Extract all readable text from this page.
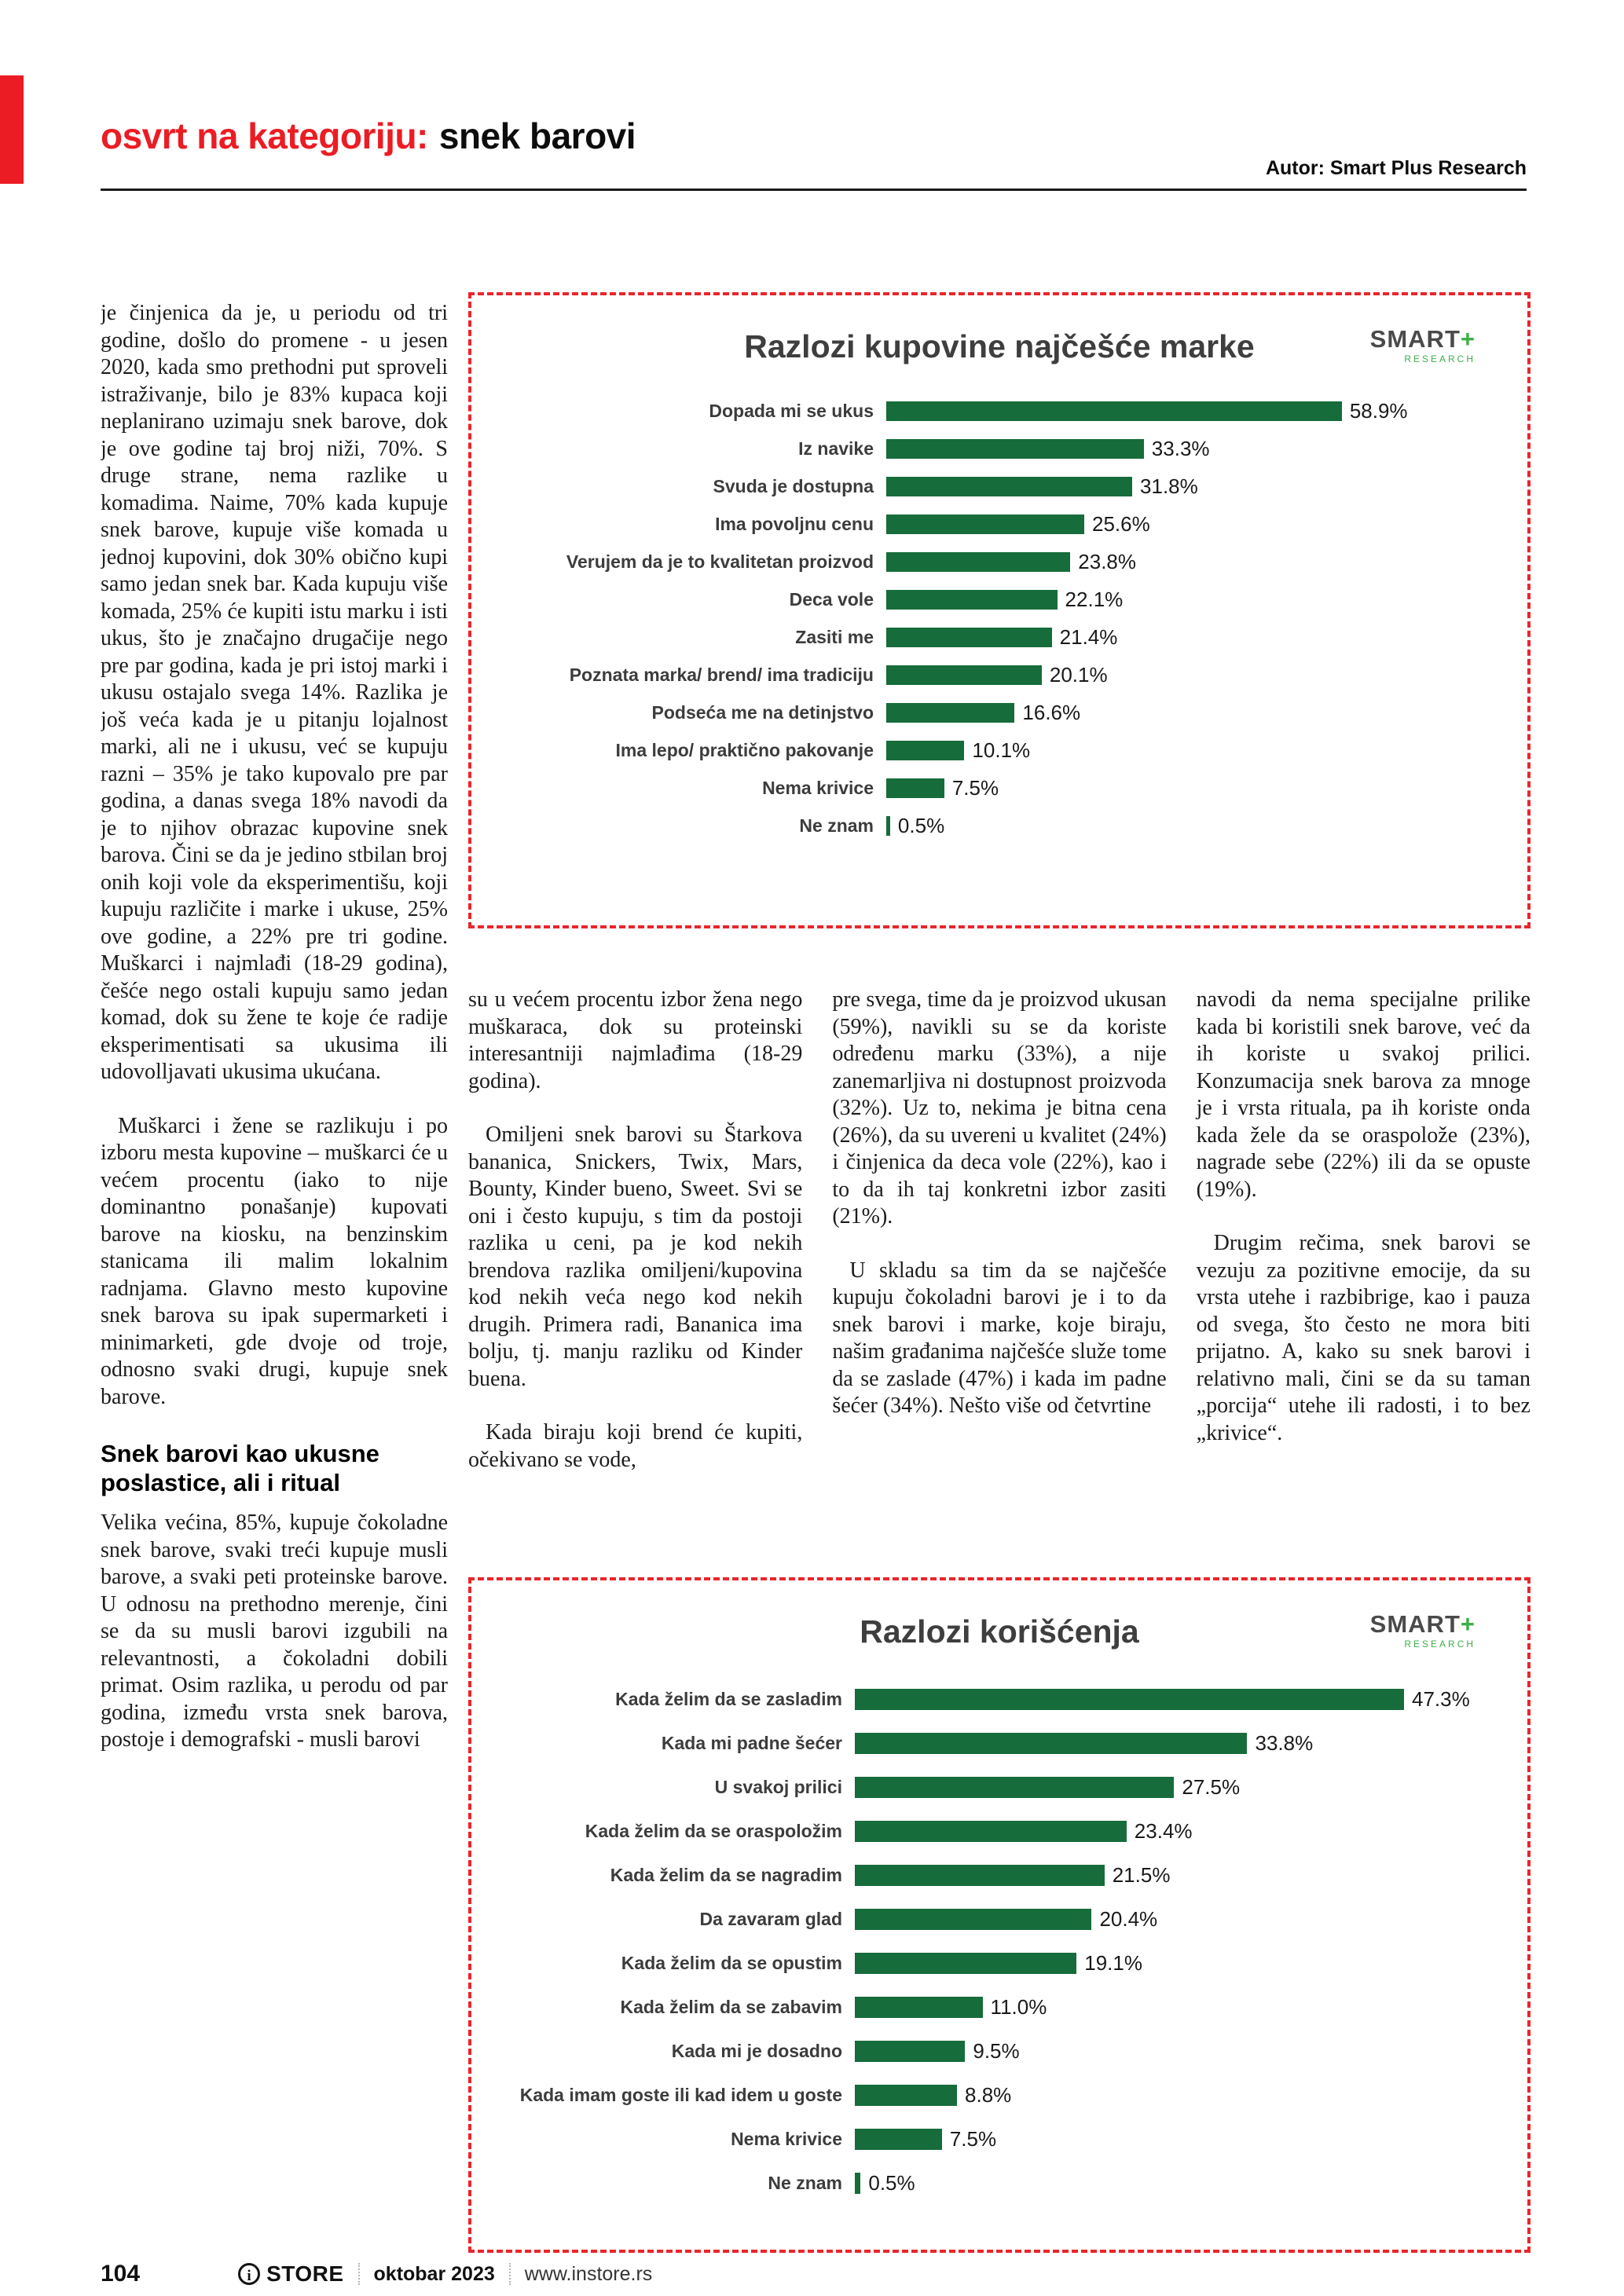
osvrt na kategoriju: snek barovi
Autor: Smart Plus Research

je činjenica da je, u periodu od tri godine, došlo do promene - u jesen 2020, kada smo prethodni put sproveli istraživanje, bilo je 83% kupaca koji neplanirano uzimaju snek barove, dok je ove godine taj broj niži, 70%. S druge strane, nema razlike u komadima. Naime, 70% kada kupuje snek barove, kupuje više komada u jednoj kupovini, dok 30% obično kupi samo jedan snek bar. Kada kupuju više komada, 25% će kupiti istu marku i isti ukus, što je značajno drugačije nego pre par godina, kada je pri istoj marki i ukusu ostajalo svega 14%. Razlika je još veća kada je u pitanju lojalnost marki, ali ne i ukusu, već se kupuju razni – 35% je tako kupovalo pre par godina, a danas svega 18% navodi da je to njihov obrazac kupovine snek barova. Čini se da je jedino stbilan broj onih koji vole da eksperimentišu, koji kupuju različite i marke i ukuse, 25% ove godine, a 22% pre tri godine. Muškarci i najmlađi (18-29 godina), češće nego ostali kupuju samo jedan komad, dok su žene te koje će radije eksperimentisati sa ukusima ili udovolljavati ukusima ukućana.

Muškarci i žene se razlikuju i po izboru mesta kupovine – muškarci će u većem procentu (iako to nije dominantno ponašanje) kupovati barove na kiosku, na benzinskim stanicama ili malim lokalnim radnjama. Glavno mesto kupovine snek barova su ipak supermarketi i minimarketi, gde dvoje od troje, odnosno svaki drugi, kupuje snek barove.

Snek barovi kao ukusne poslastice, ali i ritual

Velika većina, 85%, kupuje čokoladne snek barove, svaki treći kupuje musli barove, a svaki peti proteinske barove. U odnosu na prethodno merenje, čini se da su musli barovi izgubili na relevantnosti, a čokoladni dobili primat. Osim razlika, u perodu od par godina, između vrsta snek barova, postoje i demografski - musli barovi

Razlozi kupovine najčešće marke	SMART+
RESEARCH
Dopada mi se ukus	58.9%
Iz navike	33.3%
Svuda je dostupna	31.8%
Ima povoljnu cenu	25.6%
Verujem da je to kvalitetan proizvod	23.8%
Deca vole	22.1%
Zasiti me	21.4%
Poznata marka/ brend/ ima tradiciju	20.1%
Podseća me na detinjstvo	16.6%
Ima lepo/ praktično pakovanje	10.1%
Nema krivice	7.5%
Ne znam	0.5%

su u većem procentu izbor žena nego muškaraca, dok su proteinski interesantniji najmlađima (18-29 godina).

Omiljeni snek barovi su Štarkova bananica, Snickers, Twix, Mars, Bounty, Kinder bueno, Sweet. Svi se oni i često kupuju, s tim da postoji razlika u ceni, pa je kod nekih brendova razlika omiljeni/kupovina kod nekih veća nego kod nekih drugih. Primera radi, Bananica ima bolju, tj. manju razliku od Kinder buena.

Kada biraju koji brend će kupiti, očekivano se vode,

pre svega, time da je proizvod ukusan (59%), navikli su se da koriste određenu marku (33%), a nije zanemarljiva ni dostupnost proizvoda (32%). Uz to, nekima je bitna cena (26%), da su uvereni u kvalitet (24%) i činjenica da deca vole (22%), kao i to da ih taj konkretni izbor zasiti (21%).

U skladu sa tim da se najčešće kupuju čokoladni barovi je i to da snek barovi i marke, koje biraju, našim građanima najčešće služe tome da se zaslade (47%) i kada im padne šećer (34%). Nešto više od četvrtine

navodi da nema specijalne prilike kada bi koristili snek barove, već da ih koriste u svakoj prilici. Konzumacija snek barova za mnoge je i vrsta rituala, pa ih koriste onda kada žele da se oraspolože (23%), nagrade sebe (22%) ili da se opuste (19%).

Drugim rečima, snek barovi se vezuju za pozitivne emocije, da su vrsta utehe i razbibrige, kao i pauza od svega, što često ne mora biti prijatno. A, kako su snek barovi i relativno mali, čini se da su taman „porcija“ utehe ili radosti, i to bez „krivice“.

Razlozi korišćenja	SMART+
RESEARCH
Kada želim da se zasladim	47.3%
Kada mi padne šećer	33.8%
U svakoj prilici	27.5%
Kada želim da se oraspoložim	23.4%
Kada želim da se nagradim	21.5%
Da zavaram glad	20.4%
Kada želim da se opustim	19.1%
Kada želim da se zabavim	11.0%
Kada mi je dosadno	9.5%
Kada imam goste ili kad idem u goste	8.8%
Nema krivice	7.5%
Ne znam	0.5%
104	i STORE oktobar 2023 www.instore.rs
